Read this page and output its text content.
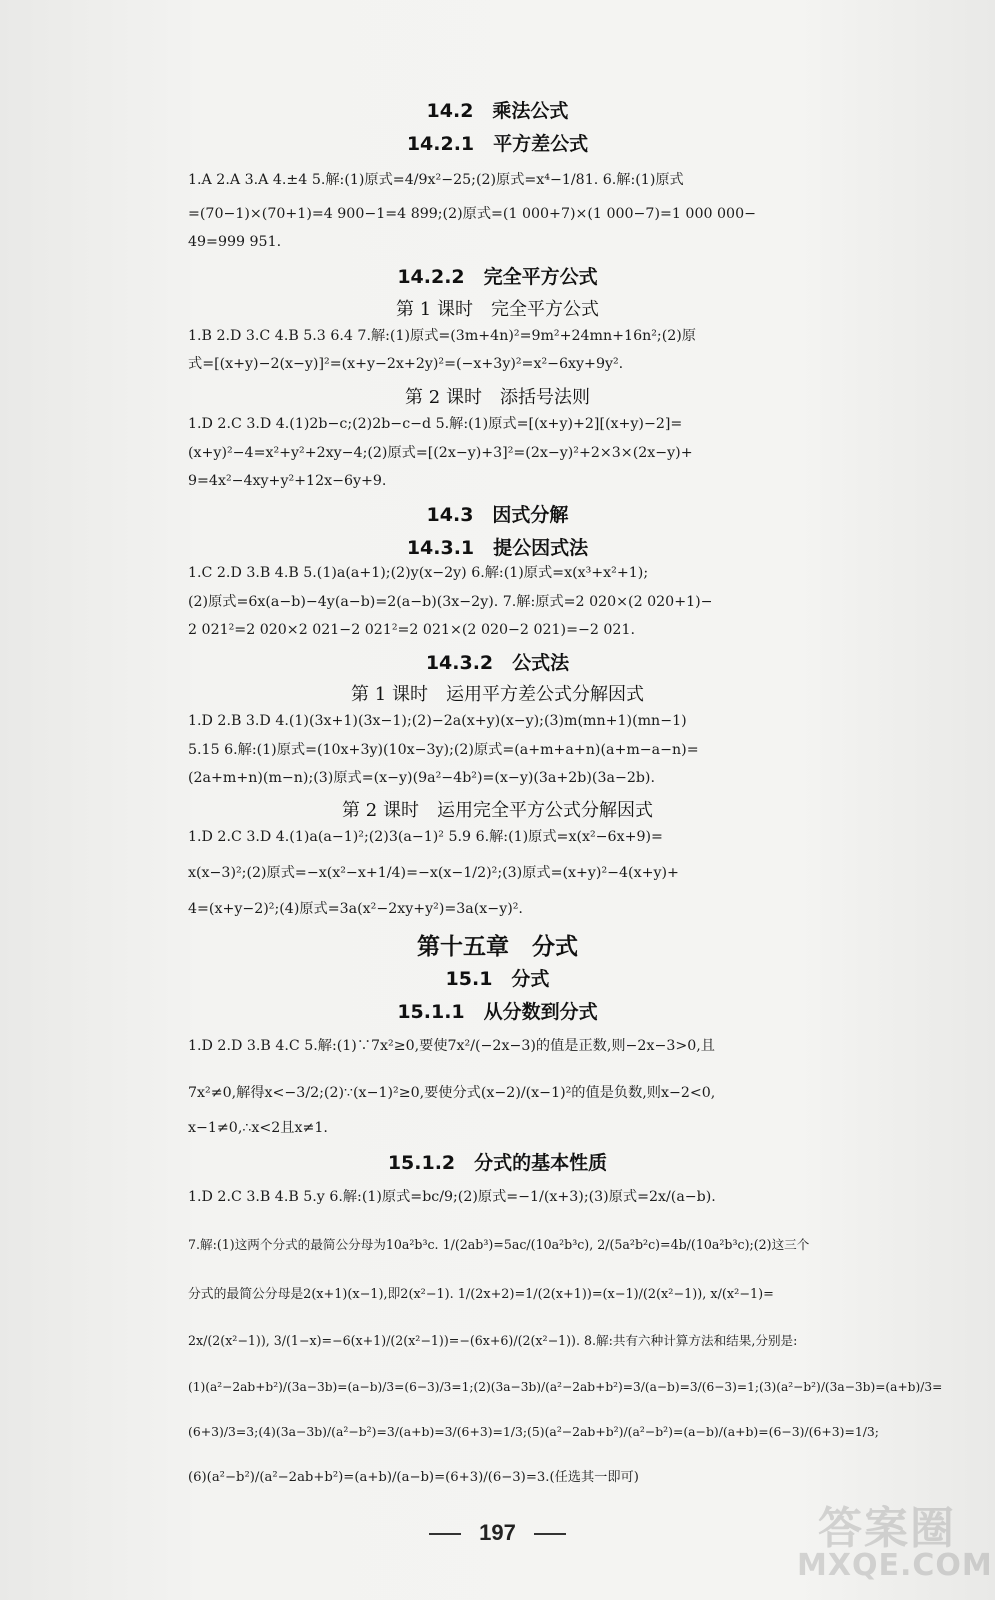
14.2　乘法公式
14.2.1　平方差公式
1.A 2.A 3.A 4.±4 5.解:(1)原式=4/9x²−25;(2)原式=x⁴−1/81. 6.解:(1)原式
=(70−1)×(70+1)=4 900−1=4 899;(2)原式=(1 000+7)×(1 000−7)=1 000 000−
49=999 951.
14.2.2　完全平方公式
第 1 课时　完全平方公式
1.B 2.D 3.C 4.B 5.3 6.4 7.解:(1)原式=(3m+4n)²=9m²+24mn+16n²;(2)原
式=[(x+y)−2(x−y)]²=(x+y−2x+2y)²=(−x+3y)²=x²−6xy+9y².
第 2 课时　添括号法则
1.D 2.C 3.D 4.(1)2b−c;(2)2b−c−d 5.解:(1)原式=[(x+y)+2][(x+y)−2]=
(x+y)²−4=x²+y²+2xy−4;(2)原式=[(2x−y)+3]²=(2x−y)²+2×3×(2x−y)+
9=4x²−4xy+y²+12x−6y+9.
14.3　因式分解
14.3.1　提公因式法
1.C 2.D 3.B 4.B 5.(1)a(a+1);(2)y(x−2y) 6.解:(1)原式=x(x³+x²+1);
(2)原式=6x(a−b)−4y(a−b)=2(a−b)(3x−2y). 7.解:原式=2 020×(2 020+1)−
2 021²=2 020×2 021−2 021²=2 021×(2 020−2 021)=−2 021.
14.3.2　公式法
第 1 课时　运用平方差公式分解因式
1.D 2.B 3.D 4.(1)(3x+1)(3x−1);(2)−2a(x+y)(x−y);(3)m(mn+1)(mn−1)
5.15 6.解:(1)原式=(10x+3y)(10x−3y);(2)原式=(a+m+a+n)(a+m−a−n)=
(2a+m+n)(m−n);(3)原式=(x−y)(9a²−4b²)=(x−y)(3a+2b)(3a−2b).
第 2 课时　运用完全平方公式分解因式
1.D 2.C 3.D 4.(1)a(a−1)²;(2)3(a−1)² 5.9 6.解:(1)原式=x(x²−6x+9)=
x(x−3)²;(2)原式=−x(x²−x+1/4)=−x(x−1/2)²;(3)原式=(x+y)²−4(x+y)+
4=(x+y−2)²;(4)原式=3a(x²−2xy+y²)=3a(x−y)².
第十五章　分式
15.1　分式
15.1.1　从分数到分式
1.D 2.D 3.B 4.C 5.解:(1)∵7x²≥0,要使7x²/(−2x−3)的值是正数,则−2x−3>0,且
7x²≠0,解得x<−3/2;(2)∵(x−1)²≥0,要使分式(x−2)/(x−1)²的值是负数,则x−2<0,
x−1≠0,∴x<2且x≠1.
15.1.2　分式的基本性质
1.D 2.C 3.B 4.B 5.y 6.解:(1)原式=bc/9;(2)原式=−1/(x+3);(3)原式=2x/(a−b).
7.解:(1)这两个分式的最简公分母为10a²b³c. 1/(2ab³)=5ac/(10a²b³c), 2/(5a²b²c)=4b/(10a²b³c);(2)这三个
分式的最简公分母是2(x+1)(x−1),即2(x²−1). 1/(2x+2)=1/(2(x+1))=(x−1)/(2(x²−1)), x/(x²−1)=
2x/(2(x²−1)), 3/(1−x)=−6(x+1)/(2(x²−1))=−(6x+6)/(2(x²−1)). 8.解:共有六种计算方法和结果,分别是:
(1)(a²−2ab+b²)/(3a−3b)=(a−b)/3=(6−3)/3=1;(2)(3a−3b)/(a²−2ab+b²)=3/(a−b)=3/(6−3)=1;(3)(a²−b²)/(3a−3b)=(a+b)/3=
(6+3)/3=3;(4)(3a−3b)/(a²−b²)=3/(a+b)=3/(6+3)=1/3;(5)(a²−2ab+b²)/(a²−b²)=(a−b)/(a+b)=(6−3)/(6+3)=1/3;
(6)(a²−b²)/(a²−2ab+b²)=(a+b)/(a−b)=(6+3)/(6−3)=3.(任选其一即可)
197	答案圈
MXQE.COM
